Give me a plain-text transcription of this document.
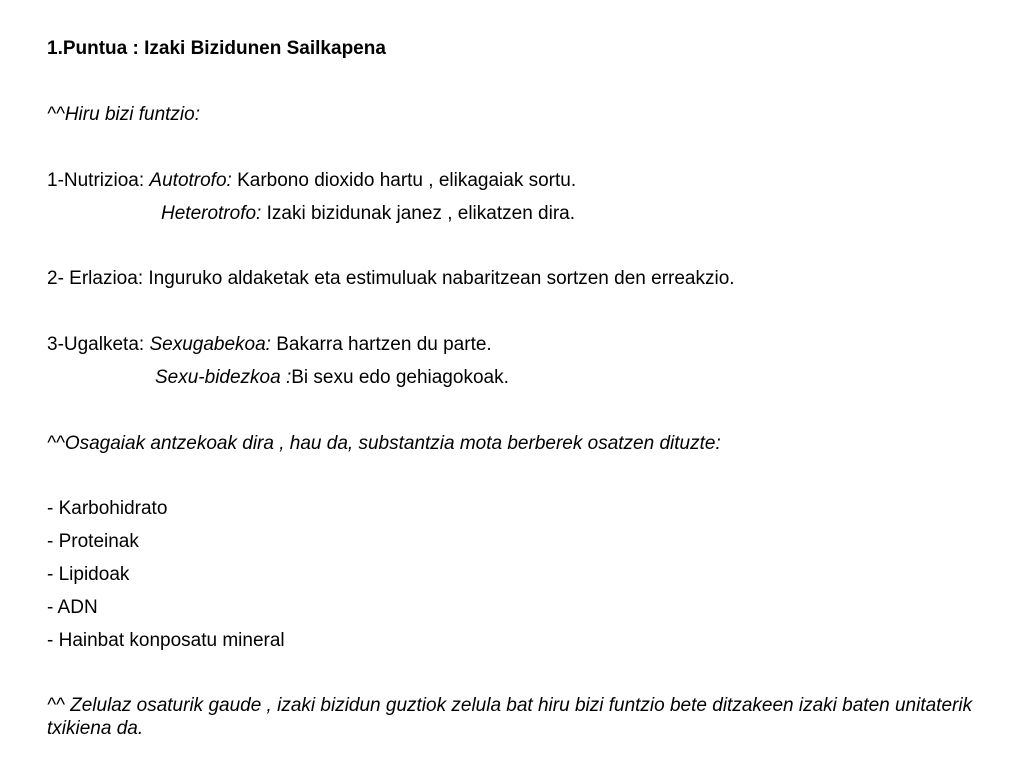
1.Puntua : Izaki Bizidunen Sailkapena
^^Hiru bizi funtzio:
1-Nutrizioa: Autotrofo: Karbono dioxido hartu , elikagaiak sortu.
Heterotrofo: Izaki bizidunak janez , elikatzen dira.
2- Erlazioa: Inguruko aldaketak eta estimuluak nabaritzean sortzen den erreakzio.
3-Ugalketa: Sexugabekoa: Bakarra hartzen du parte.
Sexu-bidezkoa :Bi sexu edo gehiagokoak.
^^Osagaiak antzekoak dira , hau da, substantzia mota berberek osatzen dituzte:
- Karbohidrato
- Proteinak
- Lipidoak
- ADN
- Hainbat konposatu mineral
^^ Zelulaz osaturik gaude , izaki bizidun guztiok zelula bat hiru bizi funtzio bete ditzakeen izaki baten unitaterik txikiena da.
